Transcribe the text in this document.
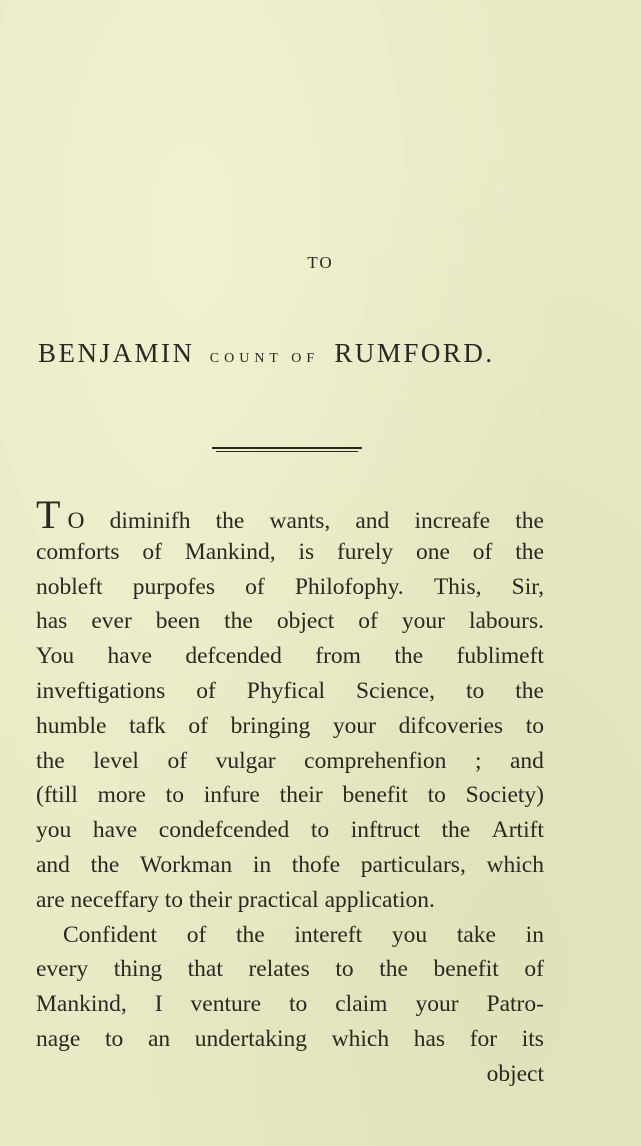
TO
BENJAMIN COUNT OF RUMFORD.
T O diminifh the wants, and increafe the
comforts of Mankind, is furely one of the
nobleft purpofes of Philofophy. This, Sir,
has ever been the object of your labours.
You have defcended from the fublimeft
inveftigations of Phyfical Science, to the
humble tafk of bringing your difcoveries to
the level of vulgar comprehenfion ; and
(ftill more to infure their benefit to Society)
you have condefcended to inftruct the Artift
and the Workman in thofe particulars, which
are neceffary to their practical application.
Confident of the intereft you take in
every thing that relates to the benefit of
Mankind, I venture to claim your Patro-
nage to an undertaking which has for its
object
